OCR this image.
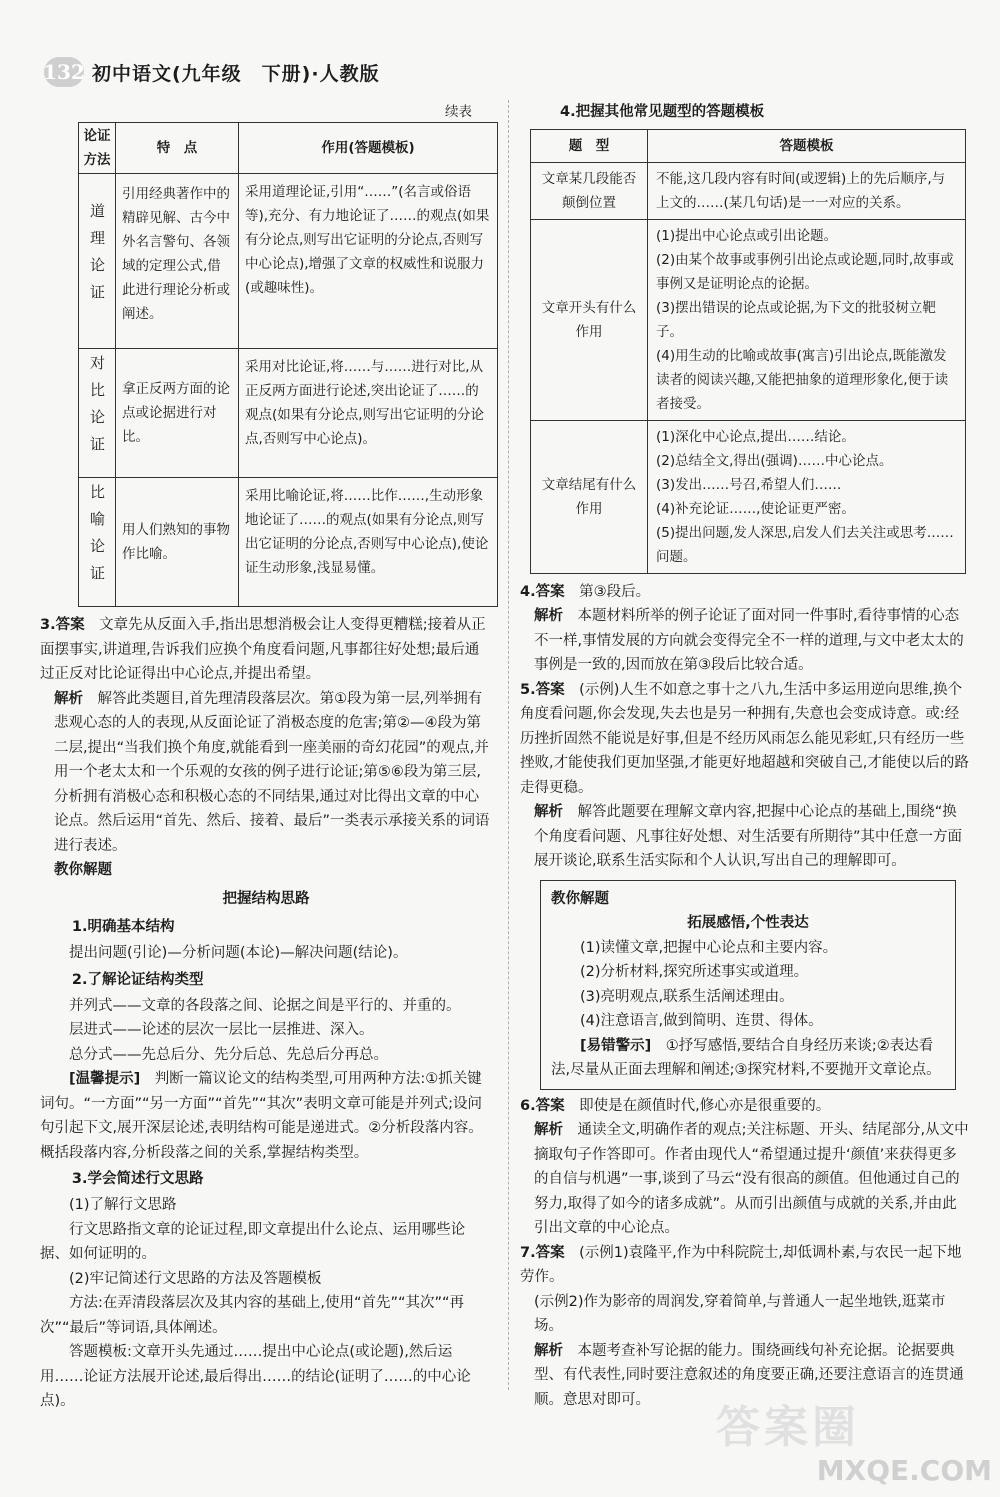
132 初中语文(九年级　下册)·人教版
续表
论证方法	特　点	作用(答题模板)
道理论证	引用经典著作中的精辟见解、古今中外名言警句、各领域的定理公式,借此进行理论分析或阐述。	采用道理论证,引用“……”(名言或俗语等),充分、有力地论证了……的观点(如果有分论点,则写出它证明的分论点,否则写中心论点),增强了文章的权威性和说服力(或趣味性)。
对比论证	拿正反两方面的论点或论据进行对比。	采用对比论证,将……与……进行对比,从正反两方面进行论述,突出论证了……的观点(如果有分论点,则写出它证明的分论点,否则写中心论点)。
比喻论证	用人们熟知的事物作比喻。	采用比喻论证,将……比作……,生动形象地论证了……的观点(如果有分论点,则写出它证明的分论点,否则写中心论点),使论证生动形象,浅显易懂。

3.答案　 文章先从反面入手,指出思想消极会让人变得更糟糕;接着从正面摆事实,讲道理,告诉我们应换个角度看问题,凡事都往好处想;最后通过正反对比论证得出中心论点,并提出希望。

解析　 解答此类题目,首先理清段落层次。第①段为第一层,列举拥有悲观心态的人的表现,从反面论证了消极态度的危害;第②—④段为第二层,提出“当我们换个角度,就能看到一座美丽的奇幻花园”的观点,并用一个老太太和一个乐观的女孩的例子进行论证;第⑤⑥段为第三层,分析拥有消极心态和积极心态的不同结果,通过对比得出文章的中心论点。然后运用“首先、然后、接着、最后”一类表示承接关系的词语进行表述。

教你解题

把握结构思路

1.明确基本结构

提出问题(引论)—分析问题(本论)—解决问题(结论)。

2.了解论证结构类型

并列式——文章的各段落之间、论据之间是平行的、并重的。

层进式——论述的层次一层比一层推进、深入。

总分式——先总后分、先分后总、先总后分再总。

[温馨提示]　 判断一篇议论文的结构类型,可用两种方法:①抓关键词句。“一方面”“另一方面”“首先”“其次”表明文章可能是并列式;设问句引起下文,展开深层论述,表明结构可能是递进式。②分析段落内容。概括段落内容,分析段落之间的关系,掌握结构类型。

3.学会简述行文思路

(1)了解行文思路

行文思路指文章的论证过程,即文章提出什么论点、运用哪些论据、如何证明的。

(2)牢记简述行文思路的方法及答题模板

方法:在弄清段落层次及其内容的基础上,使用“首先”“其次”“再次”“最后”等词语,具体阐述。

答题模板:文章开头先通过……提出中心论点(或论题),然后运用……论证方法展开论述,最后得出……的结论(证明了……的中心论点)。

4.把握其他常见题型的答题模板

题　型	答题模板
文章某几段能否颠倒位置	不能,这几段内容有时间(或逻辑)上的先后顺序,与上文的……(某几句话)是一一对应的关系。

文章开头有什么作用	(1)提出中心论点或引出论题。
(2)由某个故事或事例引出论点或论题,同时,故事或事例又是证明论点的论据。
(3)摆出错误的论点或论据,为下文的批驳树立靶子。
(4)用生动的比喻或故事(寓言)引出论点,既能激发读者的阅读兴趣,又能把抽象的道理形象化,便于读者接受。

文章结尾有什么作用	(1)深化中心论点,提出……结论。
(2)总结全文,得出(强调)……中心论点。
(3)发出……号召,希望人们……
(4)补充论证……,使论证更严密。
(5)提出问题,发人深思,启发人们去关注或思考……问题。

4.答案　 第③段后。

解析　 本题材料所举的例子论证了面对同一件事时,看待事情的心态不一样,事情发展的方向就会变得完全不一样的道理,与文中老太太的事例是一致的,因而放在第③段后比较合适。

5.答案　 (示例)人生不如意之事十之八九,生活中多运用逆向思维,换个角度看问题,你会发现,失去也是另一种拥有,失意也会变成诗意。或:经历挫折固然不能说是好事,但是不经历风雨怎么能见彩虹,只有经历一些挫败,才能使我们更加坚强,才能更好地超越和突破自己,才能使以后的路走得更稳。

解析　 解答此题要在理解文章内容,把握中心论点的基础上,围绕“换个角度看问题、凡事往好处想、对生活要有所期待”其中任意一方面展开谈论,联系生活实际和个人认识,写出自己的理解即可。

教你解题

拓展感悟,个性表达

(1)读懂文章,把握中心论点和主要内容。

(2)分析材料,探究所述事实或道理。

(3)亮明观点,联系生活阐述理由。

(4)注意语言,做到简明、连贯、得体。

[易错警示]　 ①抒写感悟,要结合自身经历来谈;②表达看法,尽量从正面去理解和阐述;③探究材料,不要抛开文章论点。

6.答案　 即使是在颜值时代,修心亦是很重要的。

解析　 通读全文,明确作者的观点;关注标题、开头、结尾部分,从文中摘取句子作答即可。作者由现代人“希望通过提升‘颜值’来获得更多的自信与机遇”一事,谈到了马云“没有很高的颜值。但他通过自己的努力,取得了如今的诸多成就”。从而引出颜值与成就的关系,并由此引出文章的中心论点。

7.答案　 (示例1)袁隆平,作为中科院院士,却低调朴素,与农民一起下地劳作。

(示例2)作为影帝的周润发,穿着简单,与普通人一起坐地铁,逛菜市场。

解析　 本题考查补写论据的能力。围绕画线句补充论据。论据要典型、有代表性,同时要注意叙述的角度要正确,还要注意语言的连贯通顺。意思对即可。

答案圈
MXQE.COM
